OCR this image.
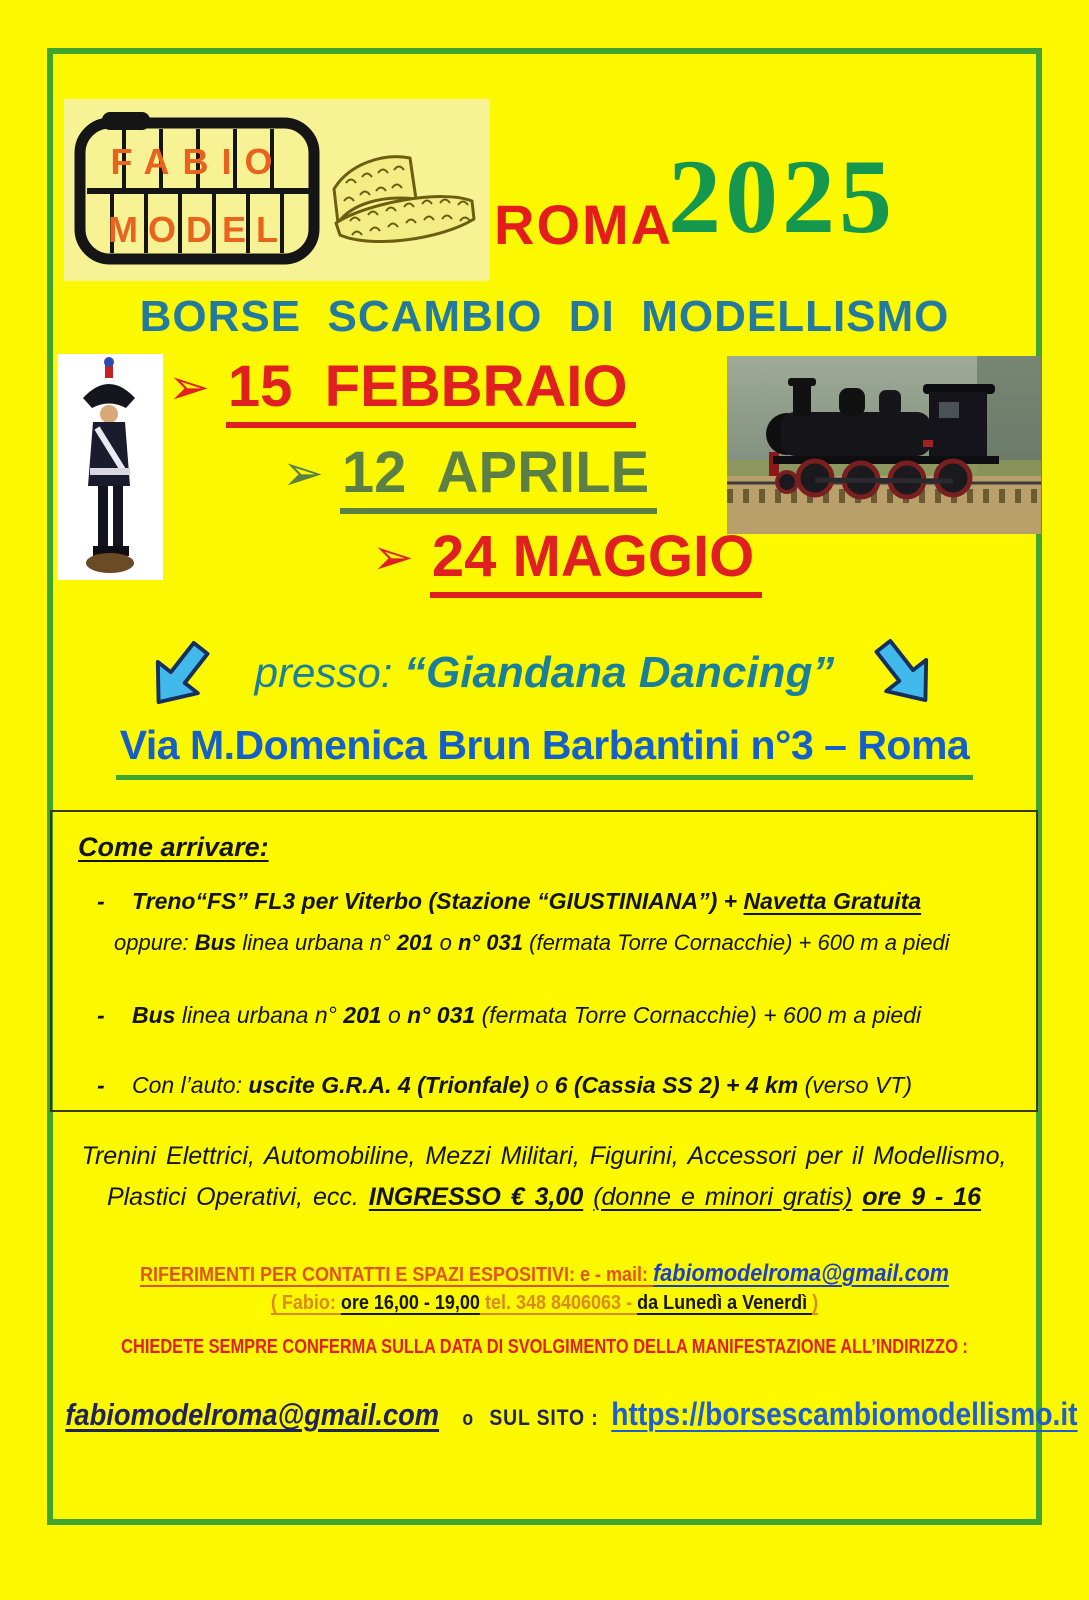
FABIO
MODEL	ROMA
2025
BORSE  SCAMBIO  DI  MODELLISMO
➢ 15  FEBBRAIO
➢ 12  APRILE
➢ 24 MAGGIO
presso: “Giandana Dancing”
Via M.Domenica Brun Barbantini n°3 – Roma
Come arrivare:
- Treno“FS” FL3 per Viterbo (Stazione “GIUSTINIANA”) + Navetta Gratuita
oppure: Bus linea urbana n° 201 o n° 031 (fermata Torre Cornacchie) + 600 m a piedi
- Bus linea urbana n° 201 o n° 031 (fermata Torre Cornacchie) + 600 m a piedi
- Con l’auto: uscite G.R.A. 4 (Trionfale) o 6 (Cassia SS 2) + 4 km (verso VT)
Trenini Elettrici, Automobiline, Mezzi Militari, Figurini, Accessori per il Modellismo, Plastici Operativi, ecc. INGRESSO € 3,00 (donne e minori gratis) ore 9 - 16
RIFERIMENTI PER CONTATTI E SPAZI ESPOSITIVI: e - mail: fabiomodelroma@gmail.com
( Fabio: ore 16,00 - 19,00 tel. 348 8406063 - da Lunedì a Venerdì )
CHIEDETE SEMPRE CONFERMA SULLA DATA DI SVOLGIMENTO DELLA MANIFESTAZIONE ALL’INDIRIZZO :
fabiomodelroma@gmail.com o SUL SITO : https://borsescambiomodellismo.it
